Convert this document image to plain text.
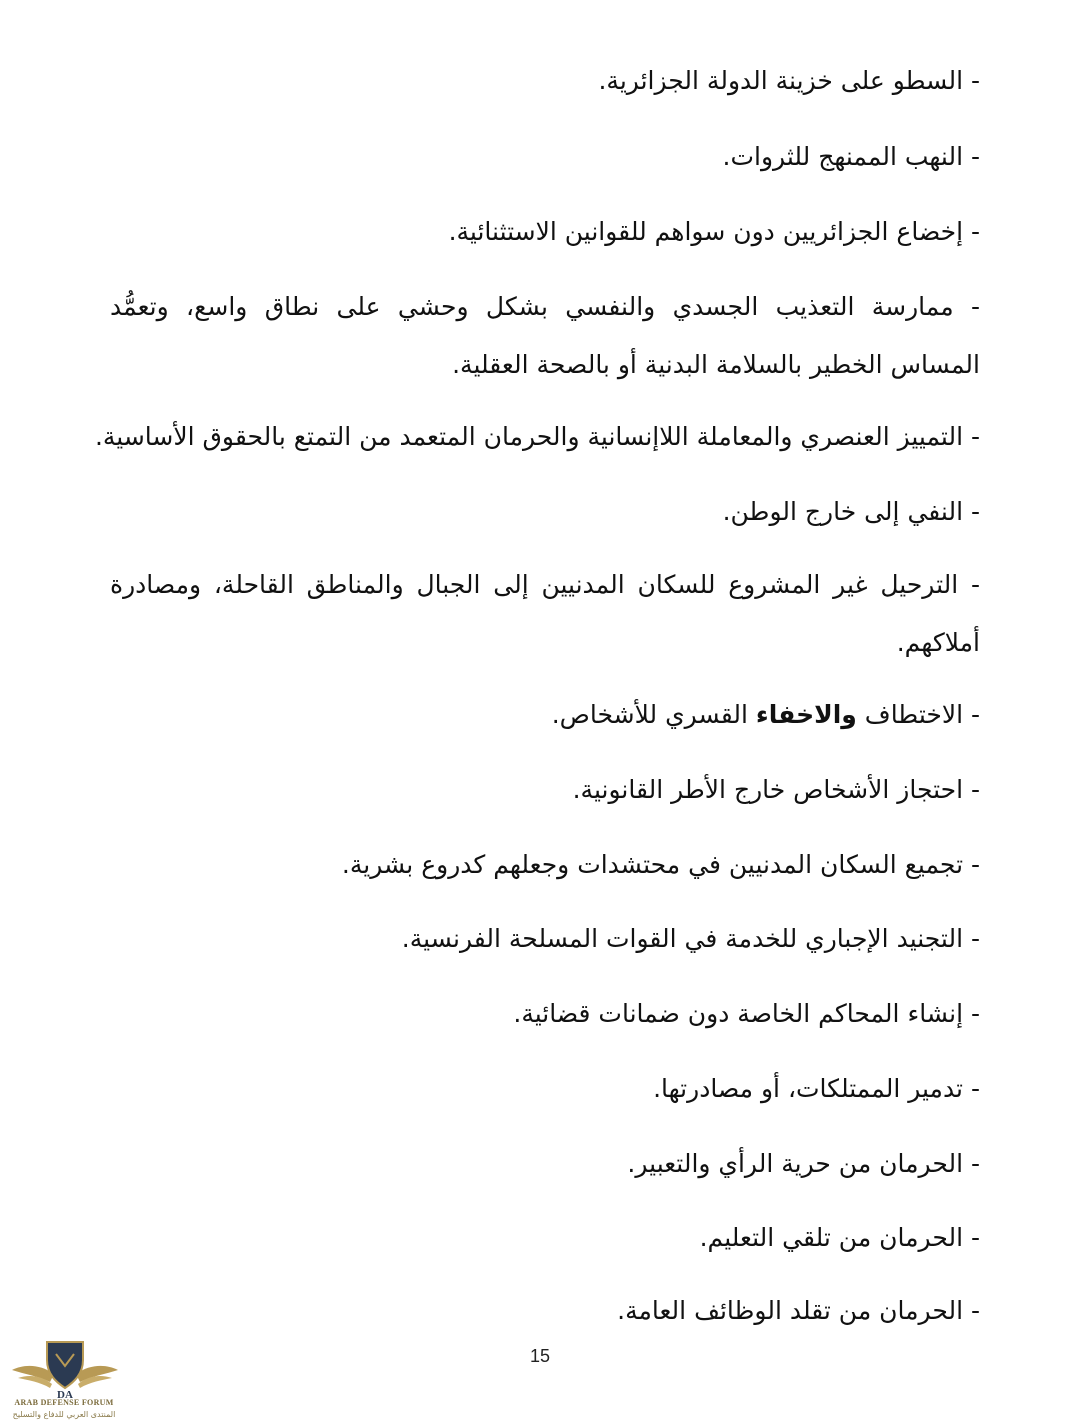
- السطو على خزينة الدولة الجزائرية.
- النهب الممنهج للثروات.
- إخضاع الجزائريين دون سواهم للقوانين الاستثنائية.
- ممارسة التعذيب الجسدي والنفسي بشكل وحشي على نطاق واسع، وتعمُّد المساس الخطير بالسلامة البدنية أو بالصحة العقلية.
- التمييز العنصري والمعاملة اللاإنسانية والحرمان المتعمد من التمتع بالحقوق الأساسية.
- النفي إلى خارج الوطن.
- الترحيل غير المشروع للسكان المدنيين إلى الجبال والمناطق القاحلة، ومصادرة أملاكهم.
- الاختطاف والاخفاء القسري للأشخاص.
- احتجاز الأشخاص خارج الأطر القانونية.
- تجميع السكان المدنيين في محتشدات وجعلهم كدروع بشرية.
- التجنيد الإجباري للخدمة في القوات المسلحة الفرنسية.
- إنشاء المحاكم الخاصة دون ضمانات قضائية.
- تدمير الممتلكات، أو مصادرتها.
- الحرمان من حرية الرأي والتعبير.
- الحرمان من تلقي التعليم.
- الحرمان من تقلد الوظائف العامة.
15
DA
ARAB DEFENSE FORUM
المنتدى العربي للدفاع والتسليح
